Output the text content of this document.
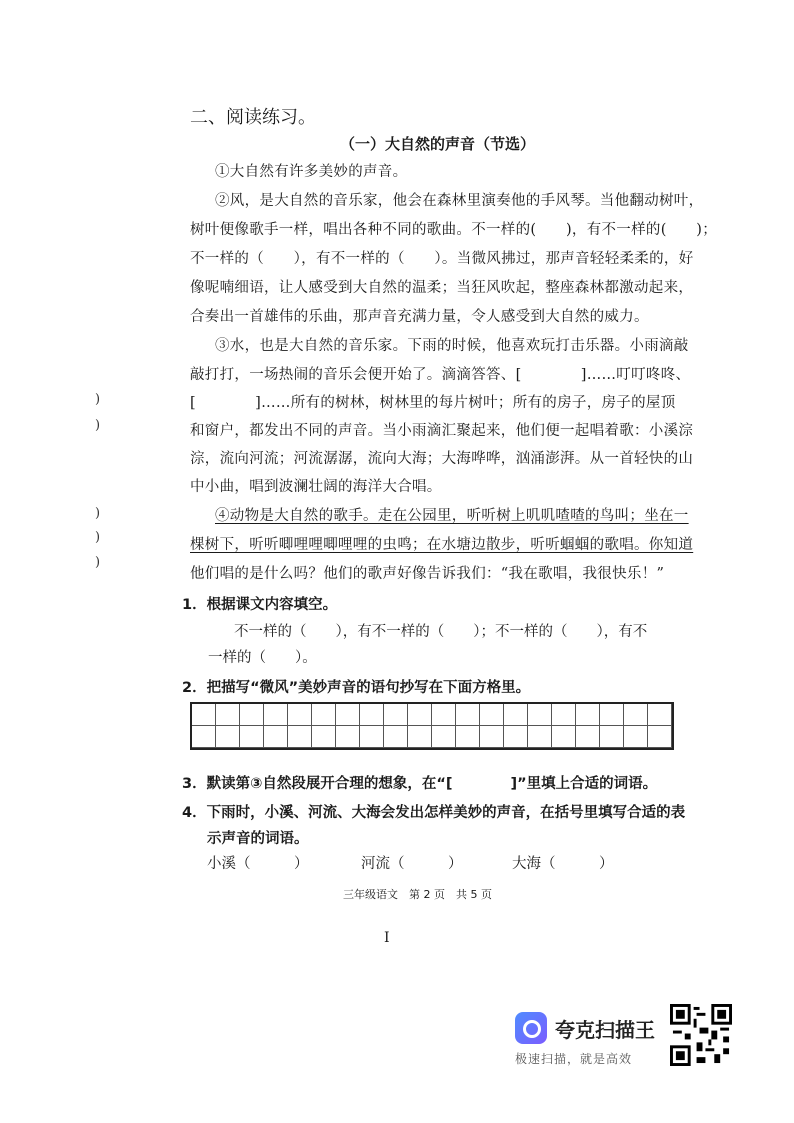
二、阅读练习。
（一）大自然的声音（节选）
①大自然有许多美妙的声音。
②风，是大自然的音乐家，他会在森林里演奏他的手风琴。当他翻动树叶，
树叶便像歌手一样，唱出各种不同的歌曲。不一样的(　　)，有不一样的(　　)；
不一样的（　　），有不一样的（　　）。当微风拂过，那声音轻轻柔柔的，好
像呢喃细语，让人感受到大自然的温柔；当狂风吹起，整座森林都激动起来，
合奏出一首雄伟的乐曲，那声音充满力量，令人感受到大自然的威力。
③水，也是大自然的音乐家。下雨的时候，他喜欢玩打击乐器。小雨滴敲
敲打打，一场热闹的音乐会便开始了。滴滴答答、[　　　　]……叮叮咚咚、
[　　　　]……所有的树林，树林里的每片树叶；所有的房子，房子的屋顶
和窗户，都发出不同的声音。当小雨滴汇聚起来，他们便一起唱着歌：小溪淙
淙，流向河流；河流潺潺，流向大海；大海哗哗，汹涌澎湃。从一首轻快的山
中小曲，唱到波澜壮阔的海洋大合唱。
④动物是大自然的歌手。走在公园里，听听树上叽叽喳喳的鸟叫；坐在一
棵树下，听听唧哩哩唧哩哩的虫鸣；在水塘边散步，听听蝈蝈的歌唱。你知道
他们唱的是什么吗？他们的歌声好像告诉我们：“我在歌唱，我很快乐！”
)
)
)
)
)
1．根据课文内容填空。
不一样的（　　），有不一样的（　　）；不一样的（　　），有不
一样的（　　）。
2．把描写“微风”美妙声音的语句抄写在下面方格里。
3．默读第③自然段展开合理的想象，在“[　　　　]”里填上合适的词语。
4．下雨时，小溪、河流、大海会发出怎样美妙的声音，在括号里填写合适的表
示声音的词语。
小溪（　　　）	河流（　　　）	大海（　　　）
三年级语文　第 2 页　共 5 页
I
夸克扫描王
极速扫描，就是高效
